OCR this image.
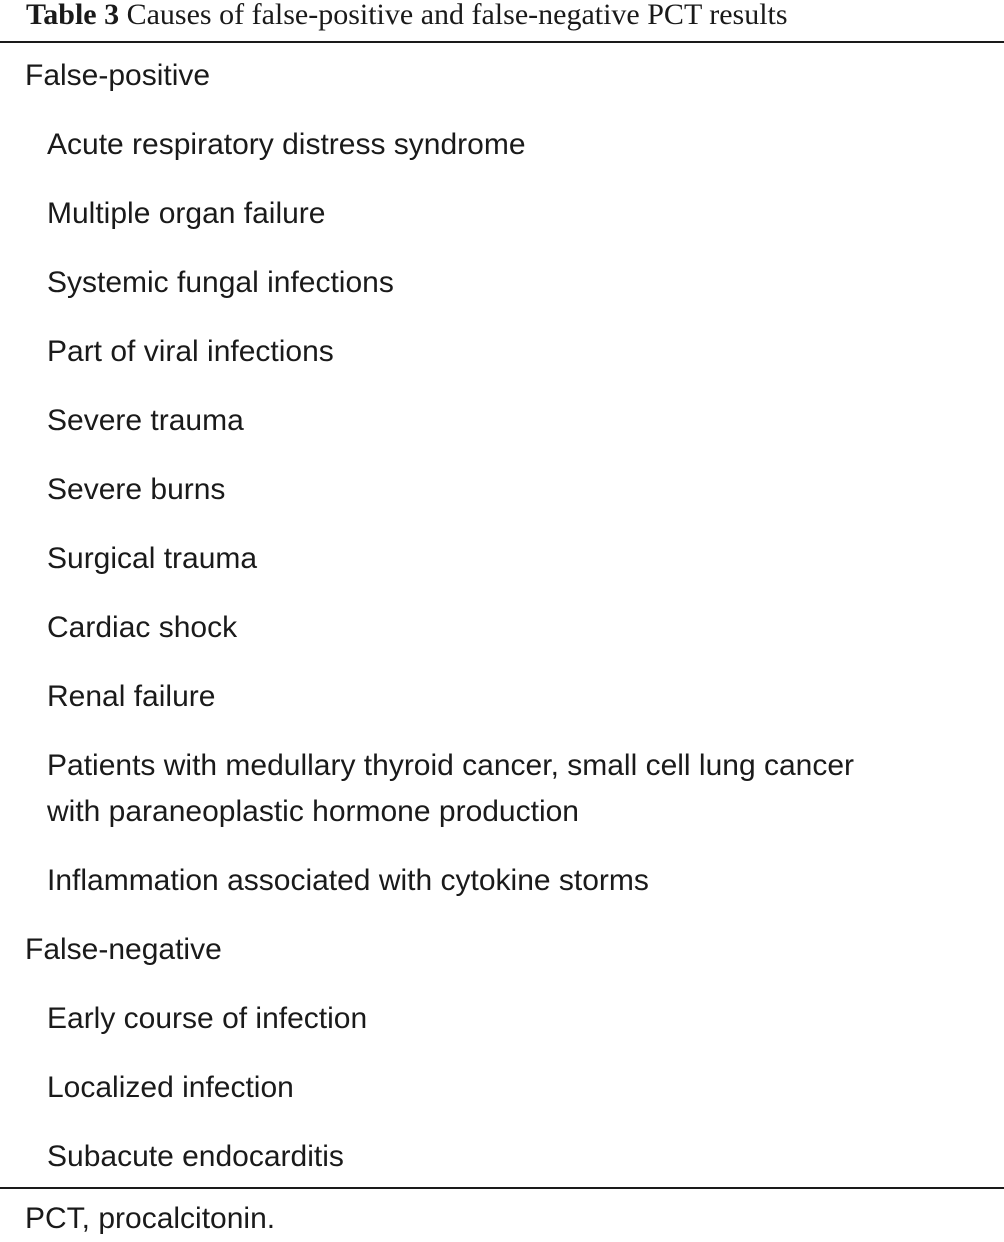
Table 3 Causes of false-positive and false-negative PCT results
False-positive
Acute respiratory distress syndrome
Multiple organ failure
Systemic fungal infections
Part of viral infections
Severe trauma
Severe burns
Surgical trauma
Cardiac shock
Renal failure
Patients with medullary thyroid cancer, small cell lung cancer
with paraneoplastic hormone production
Inflammation associated with cytokine storms
False-negative
Early course of infection
Localized infection
Subacute endocarditis
PCT, procalcitonin.
